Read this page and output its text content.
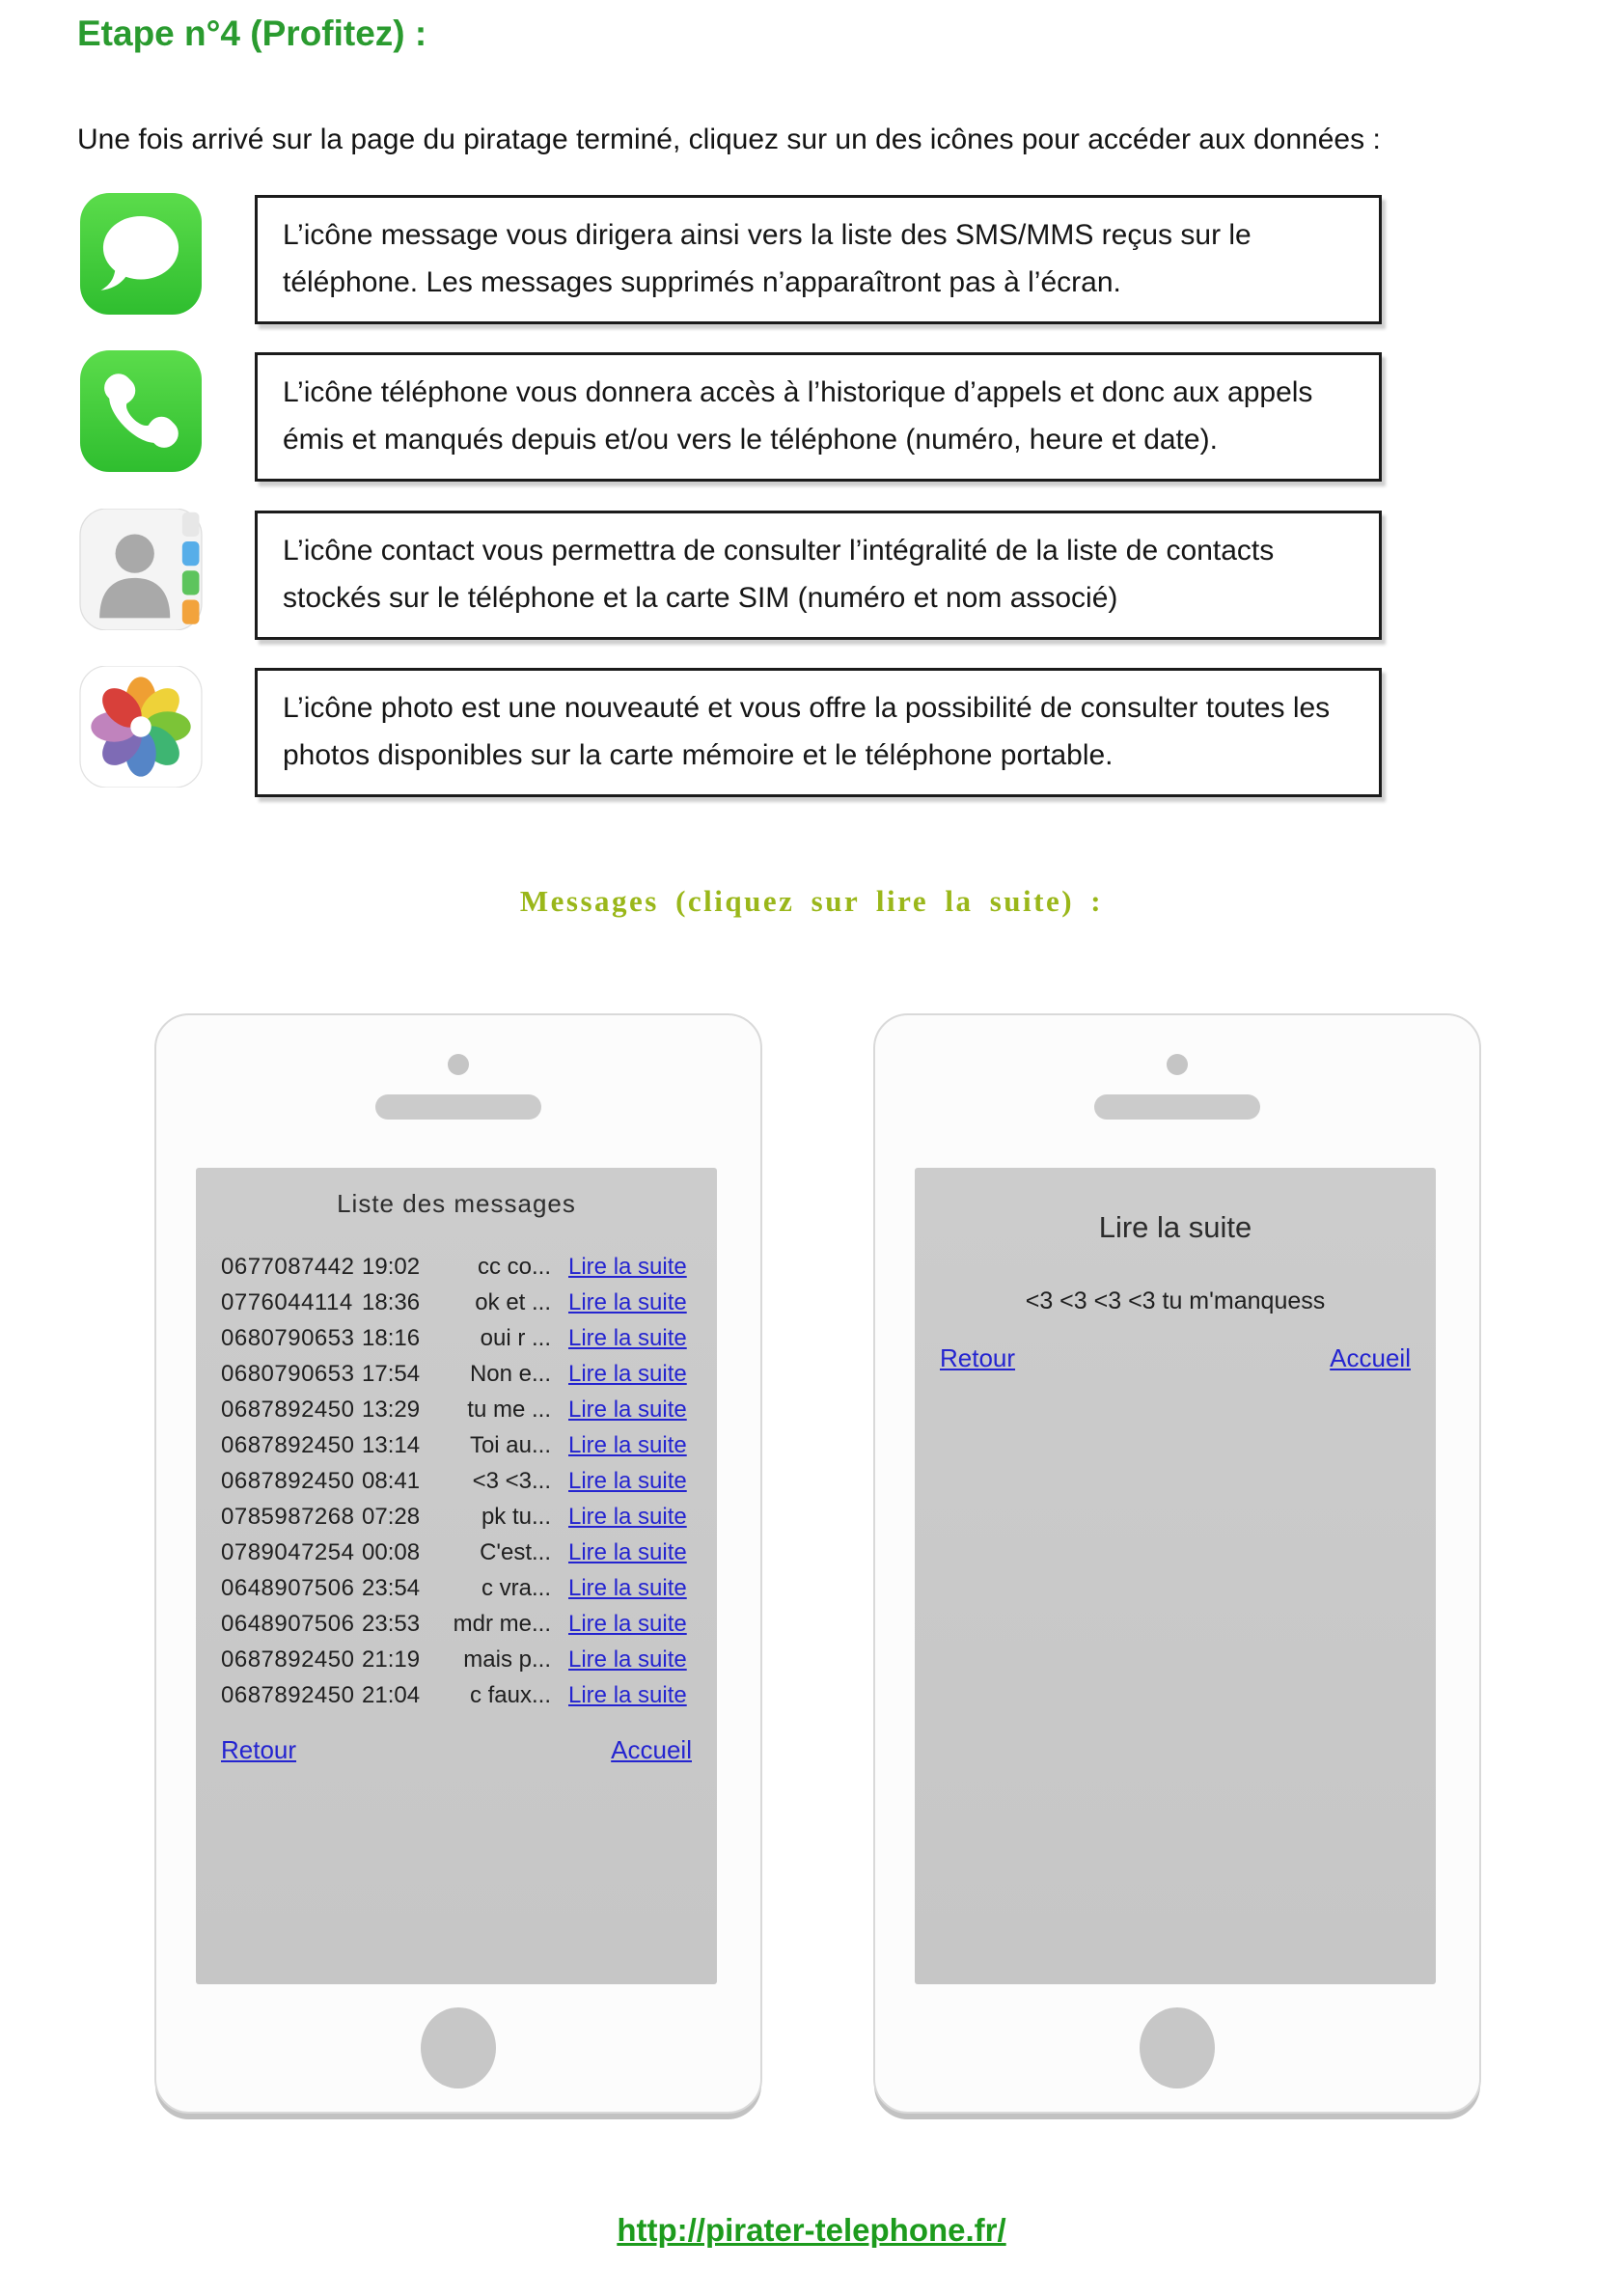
Etape n°4 (Profitez) :
Une fois arrivé sur la page du piratage terminé, cliquez sur un des icônes pour accéder aux données :

L’icône message vous dirigera ainsi vers la liste des SMS/MMS reçus sur le téléphone. Les messages supprimés n’apparaîtront pas à l’écran.

L’icône téléphone vous donnera accès à l’historique d’appels et donc aux appels émis et manqués depuis et/ou vers le téléphone (numéro, heure et date).

L’icône contact vous permettra de consulter l’intégralité de la liste de contacts stockés sur le téléphone et la carte SIM (numéro et nom associé)

L’icône photo est une nouveauté et vous offre la possibilité de consulter toutes les photos disponibles sur la carte mémoire et le téléphone portable.

Messages (cliquez sur lire la suite) :
Liste des messages
0677087442 19:02	cc co... Lire la suite
0776044114 18:36	ok et ... Lire la suite
0680790653 18:16	oui r ... Lire la suite
0680790653 17:54	Non e... Lire la suite
0687892450 13:29	tu me ... Lire la suite
0687892450 13:14	Toi au... Lire la suite
0687892450 08:41	<3 <3... Lire la suite
0785987268 07:28	pk tu... Lire la suite
0789047254 00:08	C'est... Lire la suite
0648907506 23:54	c vra... Lire la suite
0648907506 23:53	mdr me... Lire la suite
0687892450 21:19	mais p... Lire la suite
0687892450 21:04	c faux... Lire la suite
Retour	Accueil
Lire la suite
<3 <3 <3 <3 tu m'manquess
Retour	Accueil
http://pirater-telephone.fr/
